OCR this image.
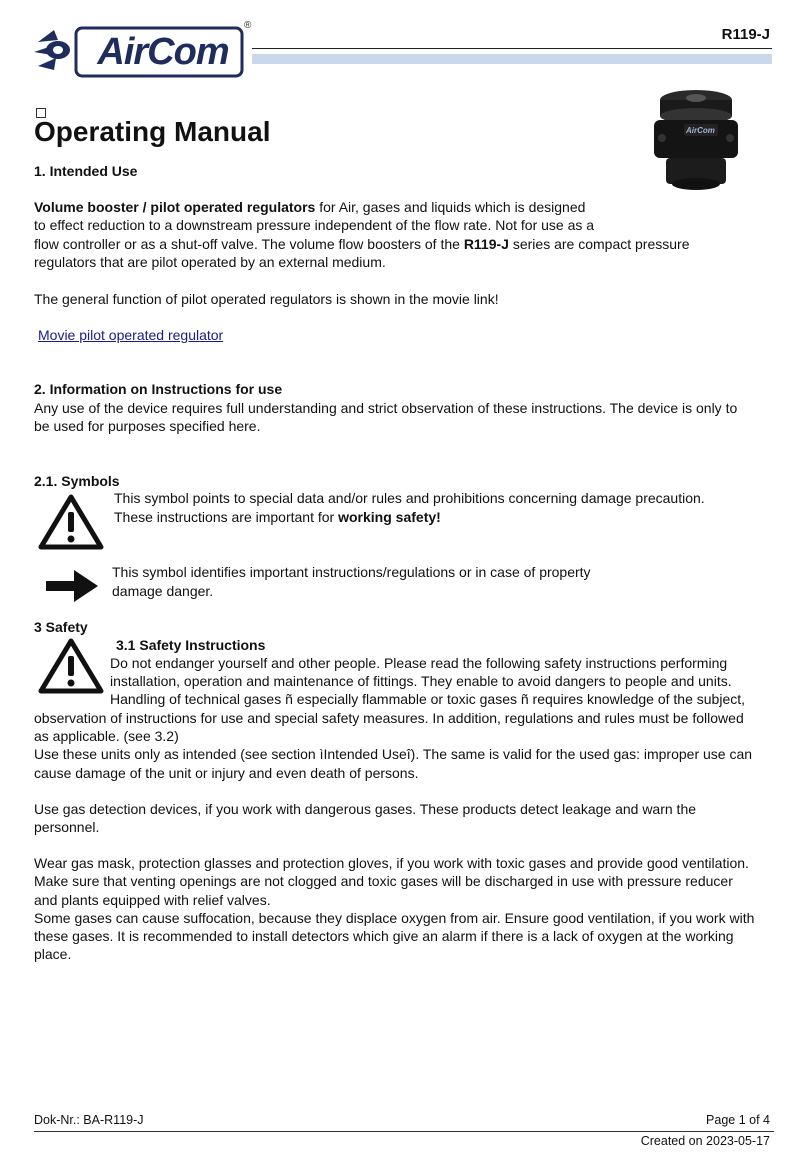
AirCom
®
R119-J
AirCom
Operating Manual
1. Intended Use
Volume booster / pilot operated regulators for Air, gases and liquids which is designed
to effect reduction to a downstream pressure independent of the flow rate. Not for use as a
flow controller or as a shut-off valve. The volume flow boosters of the R119-J series are compact pressure
regulators that are pilot operated by an external medium.
The general function of pilot operated regulators is shown in the movie link!
Movie pilot operated regulator
2. Information on Instructions for use
Any use of the device requires full understanding and strict observation of these instructions. The device is only to
be used for purposes specified here.
2.1. Symbols
This symbol points to special data and/or rules and prohibitions concerning damage precaution.
These instructions are important for working safety!
This symbol identifies important instructions/regulations or in case of property
damage danger.
3 Safety
3.1 Safety Instructions
Do not endanger yourself and other people. Please read the following safety instructions performing
installation, operation and maintenance of fittings. They enable to avoid dangers to people and units.
Handling of technical gases ñ especially flammable or toxic gases ñ requires knowledge of the subject,
observation of instructions for use and special safety measures. In addition, regulations and rules must be followed
as applicable. (see 3.2)
Use these units only as intended (see section ìIntended Useî). The same is valid for the used gas: improper use can
cause damage of the unit or injury and even death of persons.
Use gas detection devices, if you work with dangerous gases. These products detect leakage and warn the
personnel.
Wear gas mask, protection glasses and protection gloves, if you work with toxic gases and provide good ventilation.
Make sure that venting openings are not clogged and toxic gases will be discharged in use with pressure reducer
and plants equipped with relief valves.
Some gases can cause suffocation, because they displace oxygen from air. Ensure good ventilation, if you work with
these gases. It is recommended to install detectors which give an alarm if there is a lack of oxygen at the working
place.
Dok-Nr.: BA-R119-J	Page 1 of 4
Created on 2023-05-17
